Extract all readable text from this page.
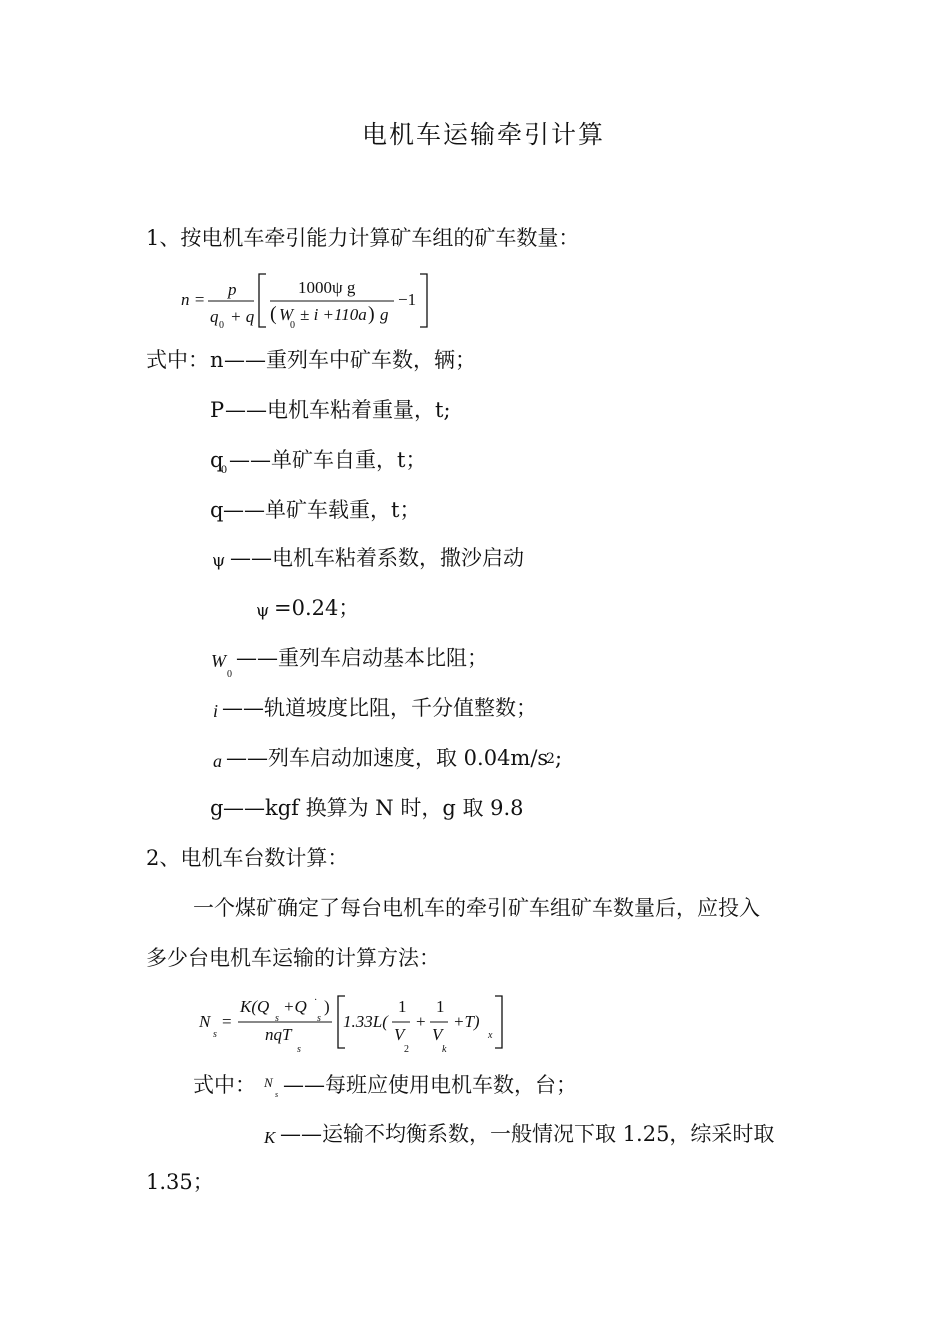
电机车运输牵引计算
1、按电机车牵引能力计算矿车组的矿车数量：
n =
p
q 0 + q
1000ψ g
( W
0
± i +110a ) g
−1
式中： n ——重列车中矿车数，辆；
P ——电机车粘着重量，t;
q
0 ——单矿车自重，t；
q ——单矿车载重，t；
ψ ——电机车粘着系数，撒沙启动
ψ =0.24；
W
0
——重列车启动基本比阻；
i ——轨道坡度比阻，千分值整数；
a ——列车启动加速度，取 0.04m/s
2 ;
g ——kgf 换算为 N 时，g 取 9.8
2、电机车台数计算：
一个煤矿确定了每台电机车的牵引矿车组矿车数量后，应投入
多少台电机车运输的计算方法：
N
s
=
K(Q
s
+Q ·
s
)
nqT
s
1.33L(
1
V
2
+
1
V
k
+T)
x
式中： N
s ——每班应使用电机车数，台；
K ——运输不均衡系数，一般情况下取 1.25，综采时取
1.35；
